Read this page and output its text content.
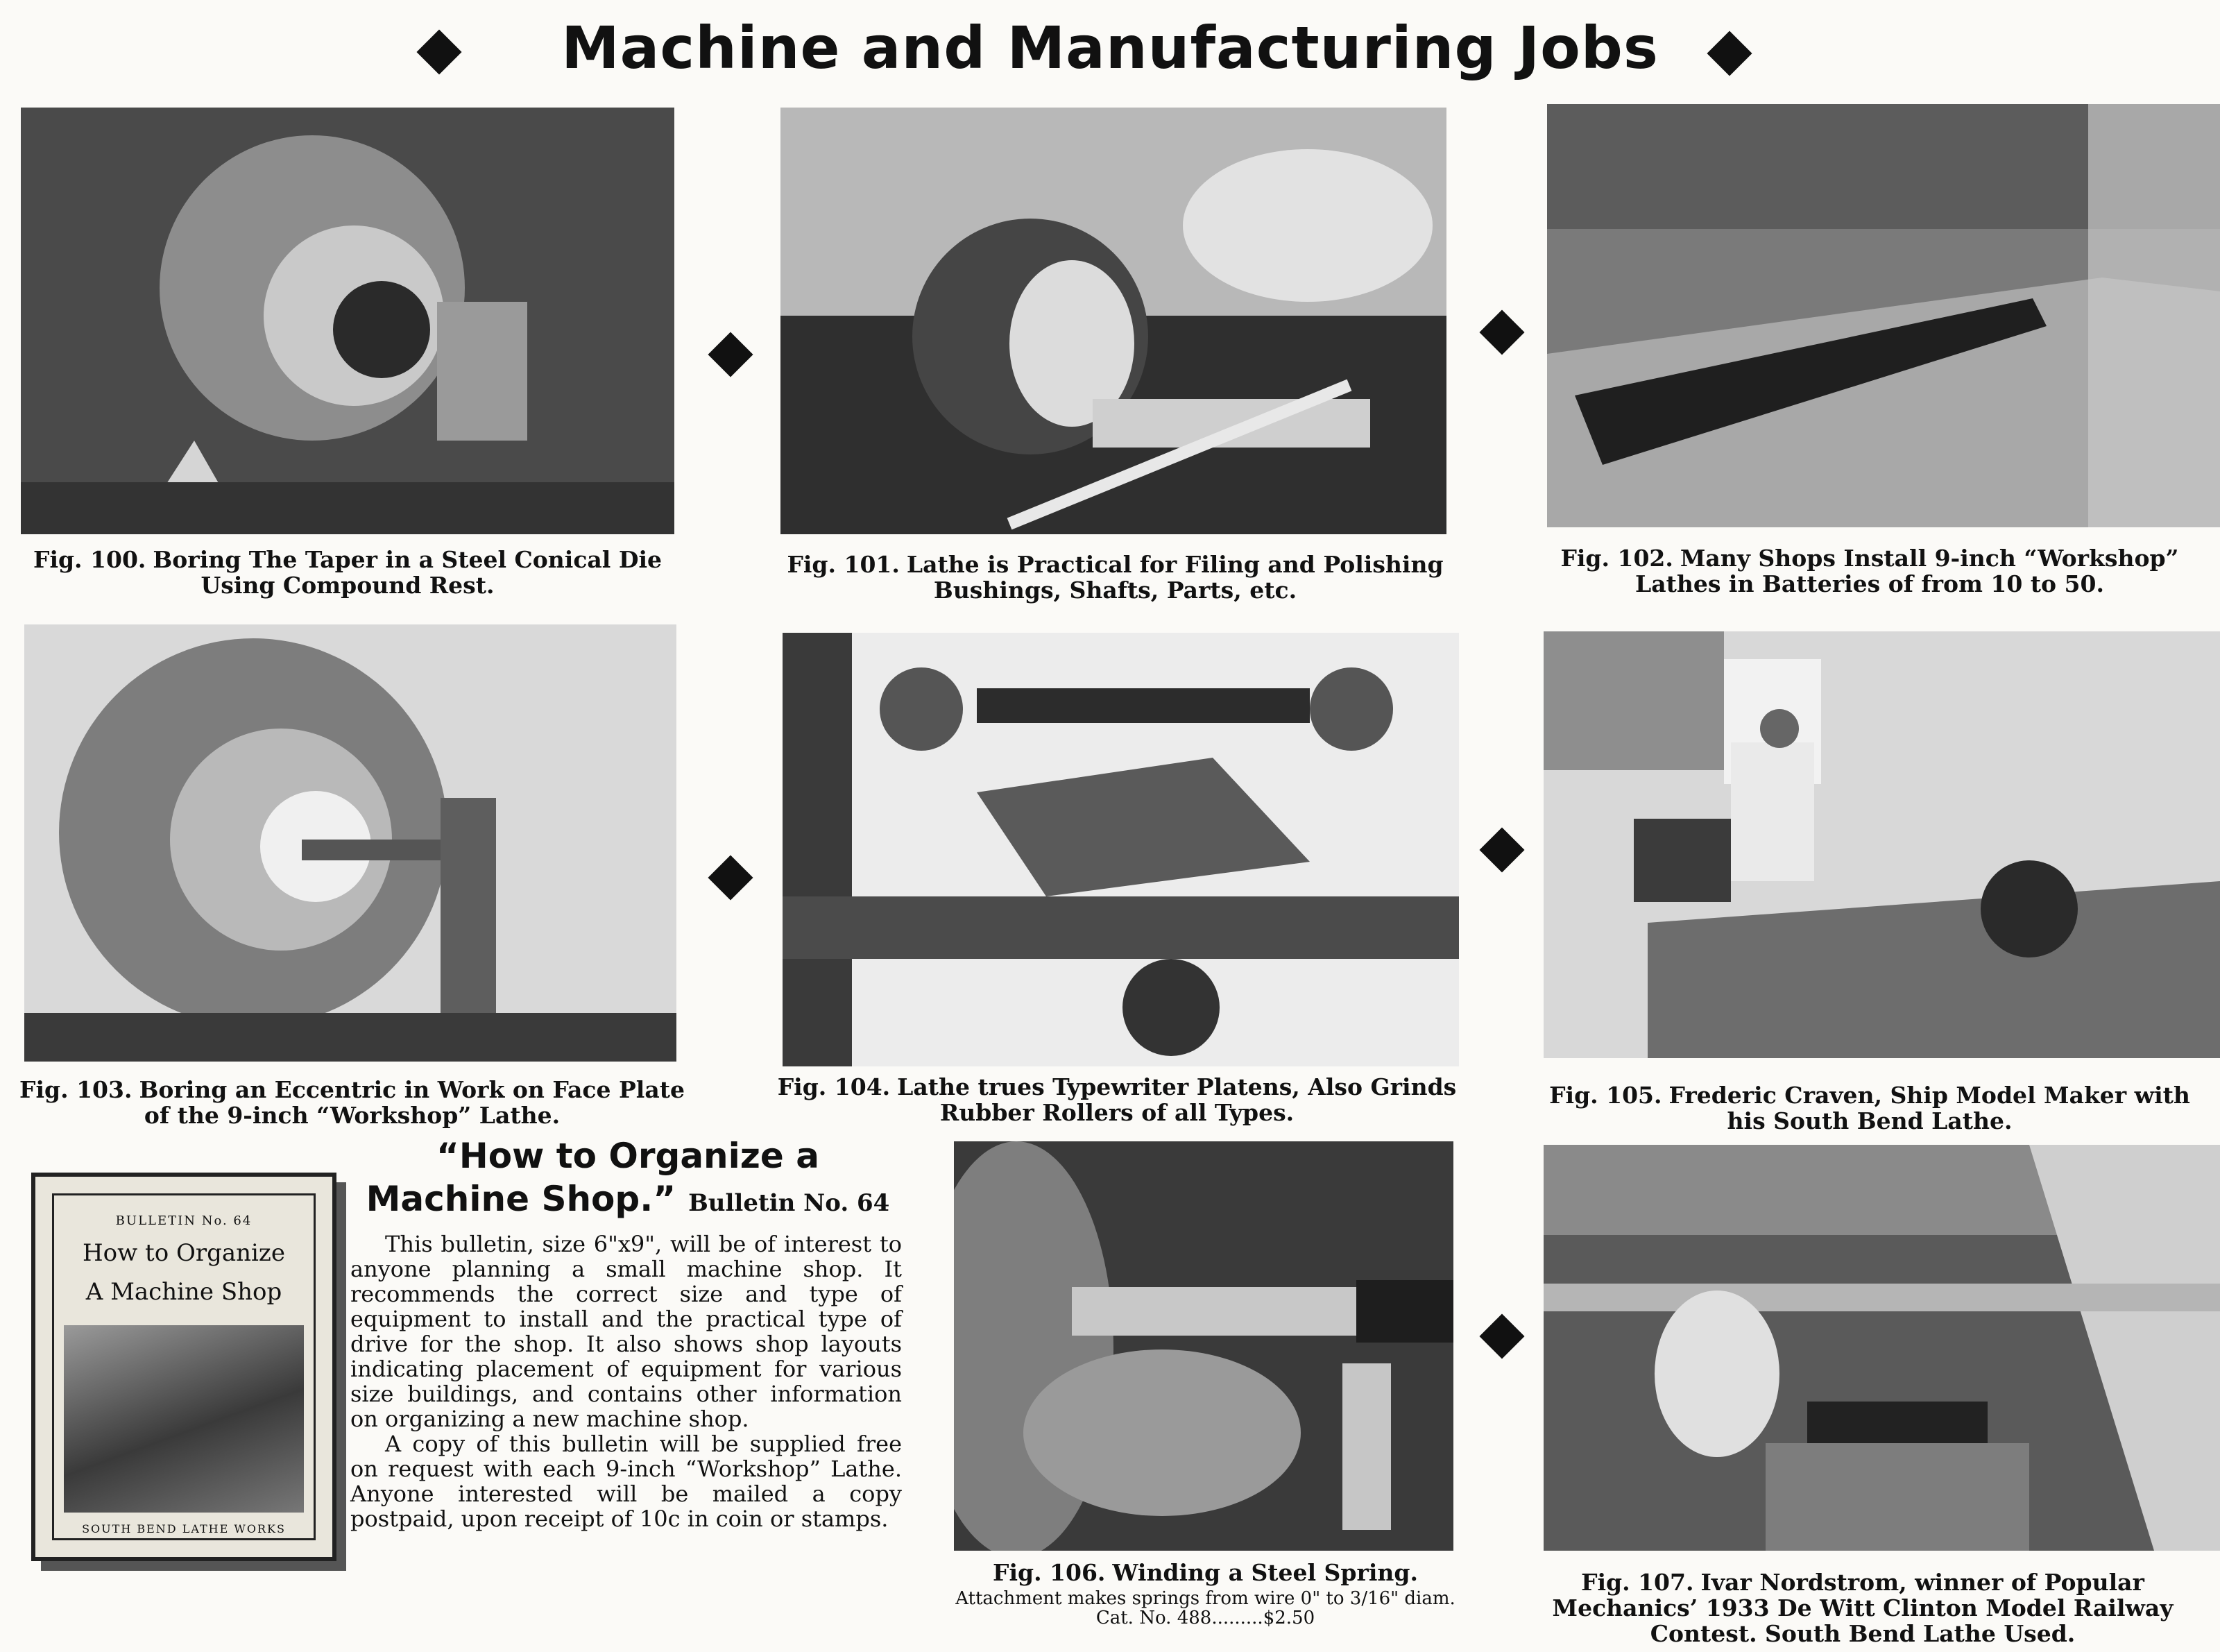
Machine and Manufacturing Jobs
Fig. 100. Boring The Taper in a Steel Conical Die Using Compound Rest.
Fig. 101. Lathe is Practical for Filing and Polishing Bushings, Shafts, Parts, etc.
Fig. 102. Many Shops Install 9-inch “Workshop” Lathes in Batteries of from 10 to 50.
Fig. 103. Boring an Eccentric in Work on Face Plate of the 9-inch “Workshop” Lathe.
Fig. 104. Lathe trues Typewriter Platens, Also Grinds Rubber Rollers of all Types.
Fig. 105. Frederic Craven, Ship Model Maker with his South Bend Lathe.
BULLETIN No. 64
How to Organize
A Machine Shop
SOUTH BEND LATHE WORKS
“How to Organize a Machine Shop.” Bulletin No. 64

This bulletin, size 6"x9", will be of interest to anyone planning a small machine shop. It recommends the correct size and type of equipment to install and the practical type of drive for the shop. It also shows shop layouts indicating placement of equipment for various size buildings, and contains other information on organizing a new machine shop.

A copy of this bulletin will be supplied free on request with each 9-inch “Workshop” Lathe. Anyone interested will be mailed a copy postpaid, upon receipt of 10c in coin or stamps.

Fig. 106. Winding a Steel Spring.
Attachment makes springs from wire 0" to 3/16" diam. Cat. No. 488.........$2.50
Fig. 107. Ivar Nordstrom, winner of Popular Mechanics’ 1933 De Witt Clinton Model Railway Contest. South Bend Lathe Used.
